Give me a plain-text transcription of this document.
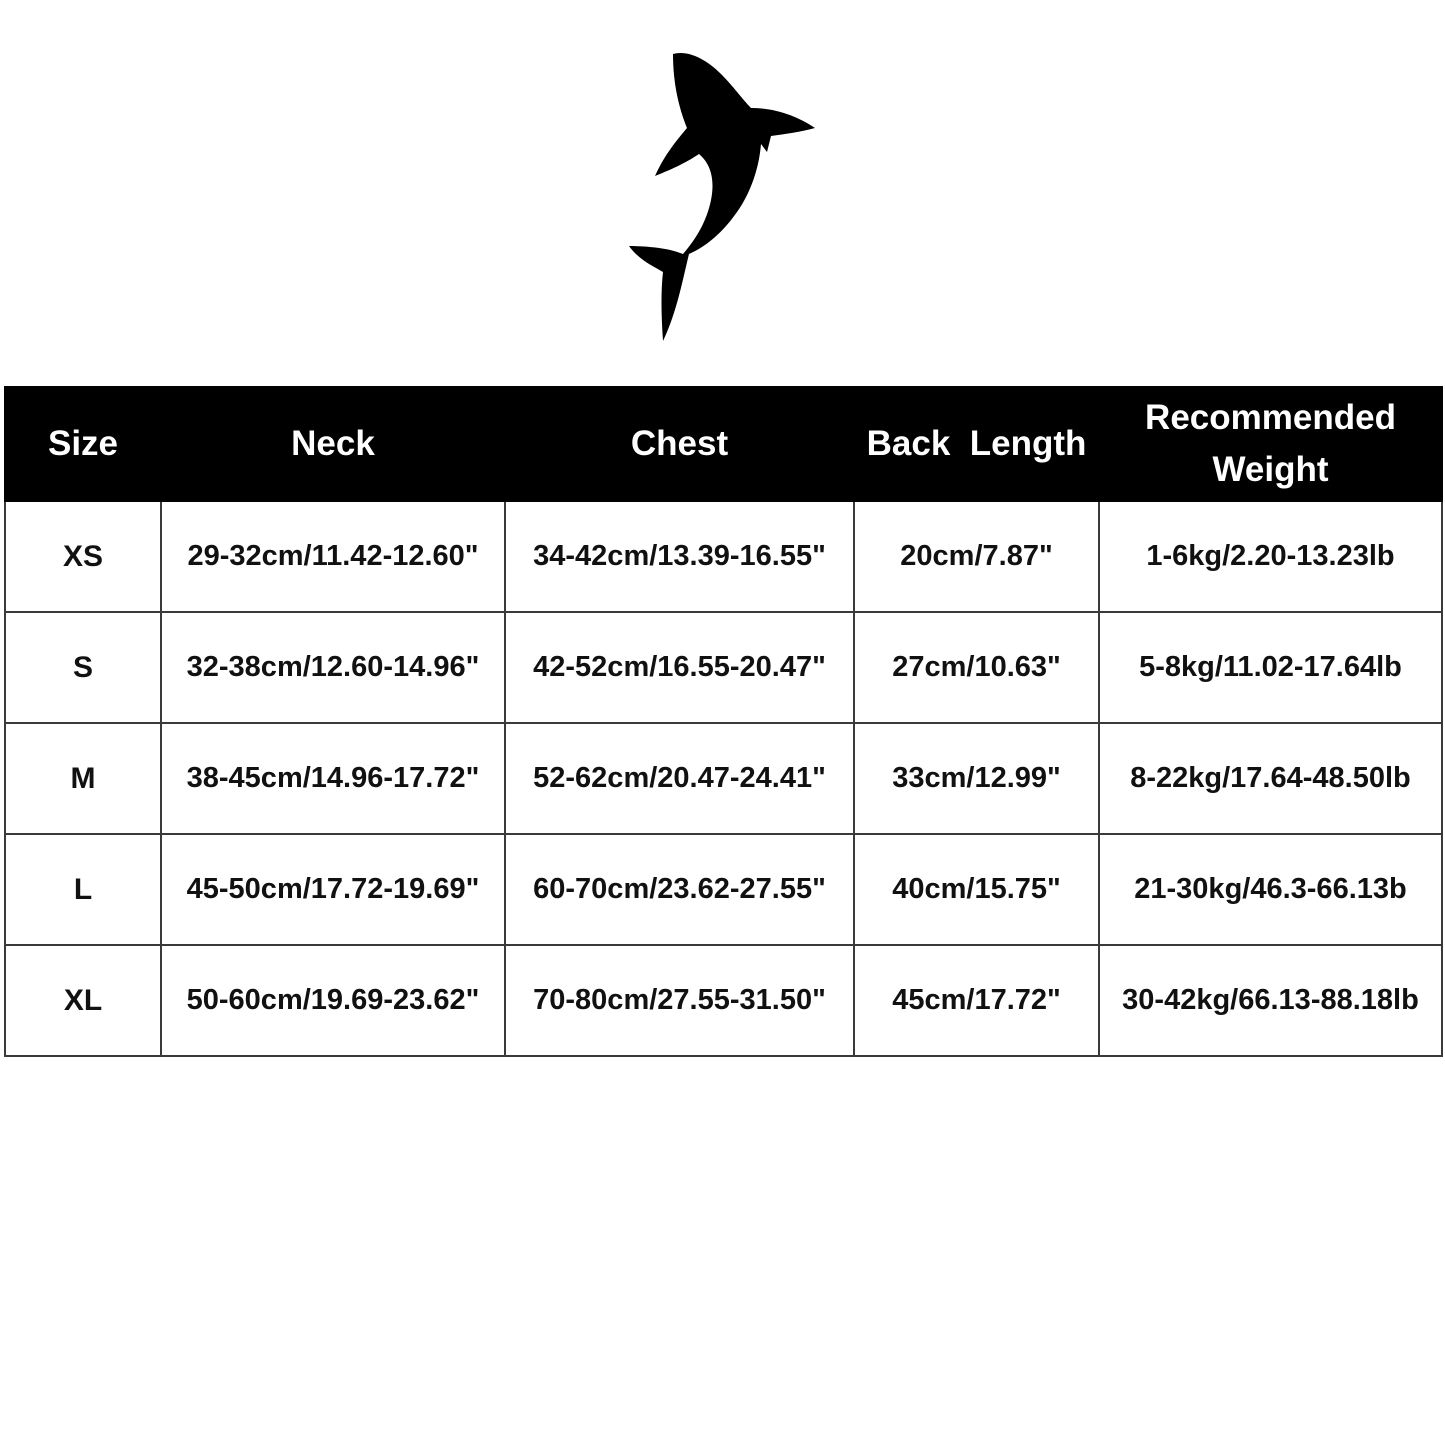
Size	Neck	Chest	Back  Length	Recommended Weight
XS	29-32cm/11.42-12.60"	34-42cm/13.39-16.55"	20cm/7.87"	1-6kg/2.20-13.23lb
S	32-38cm/12.60-14.96"	42-52cm/16.55-20.47"	27cm/10.63"	5-8kg/11.02-17.64lb
M	38-45cm/14.96-17.72"	52-62cm/20.47-24.41"	33cm/12.99"	8-22kg/17.64-48.50lb
L	45-50cm/17.72-19.69"	60-70cm/23.62-27.55"	40cm/15.75"	21-30kg/46.3-66.13b
XL	50-60cm/19.69-23.62"	70-80cm/27.55-31.50"	45cm/17.72"	30-42kg/66.13-88.18lb
